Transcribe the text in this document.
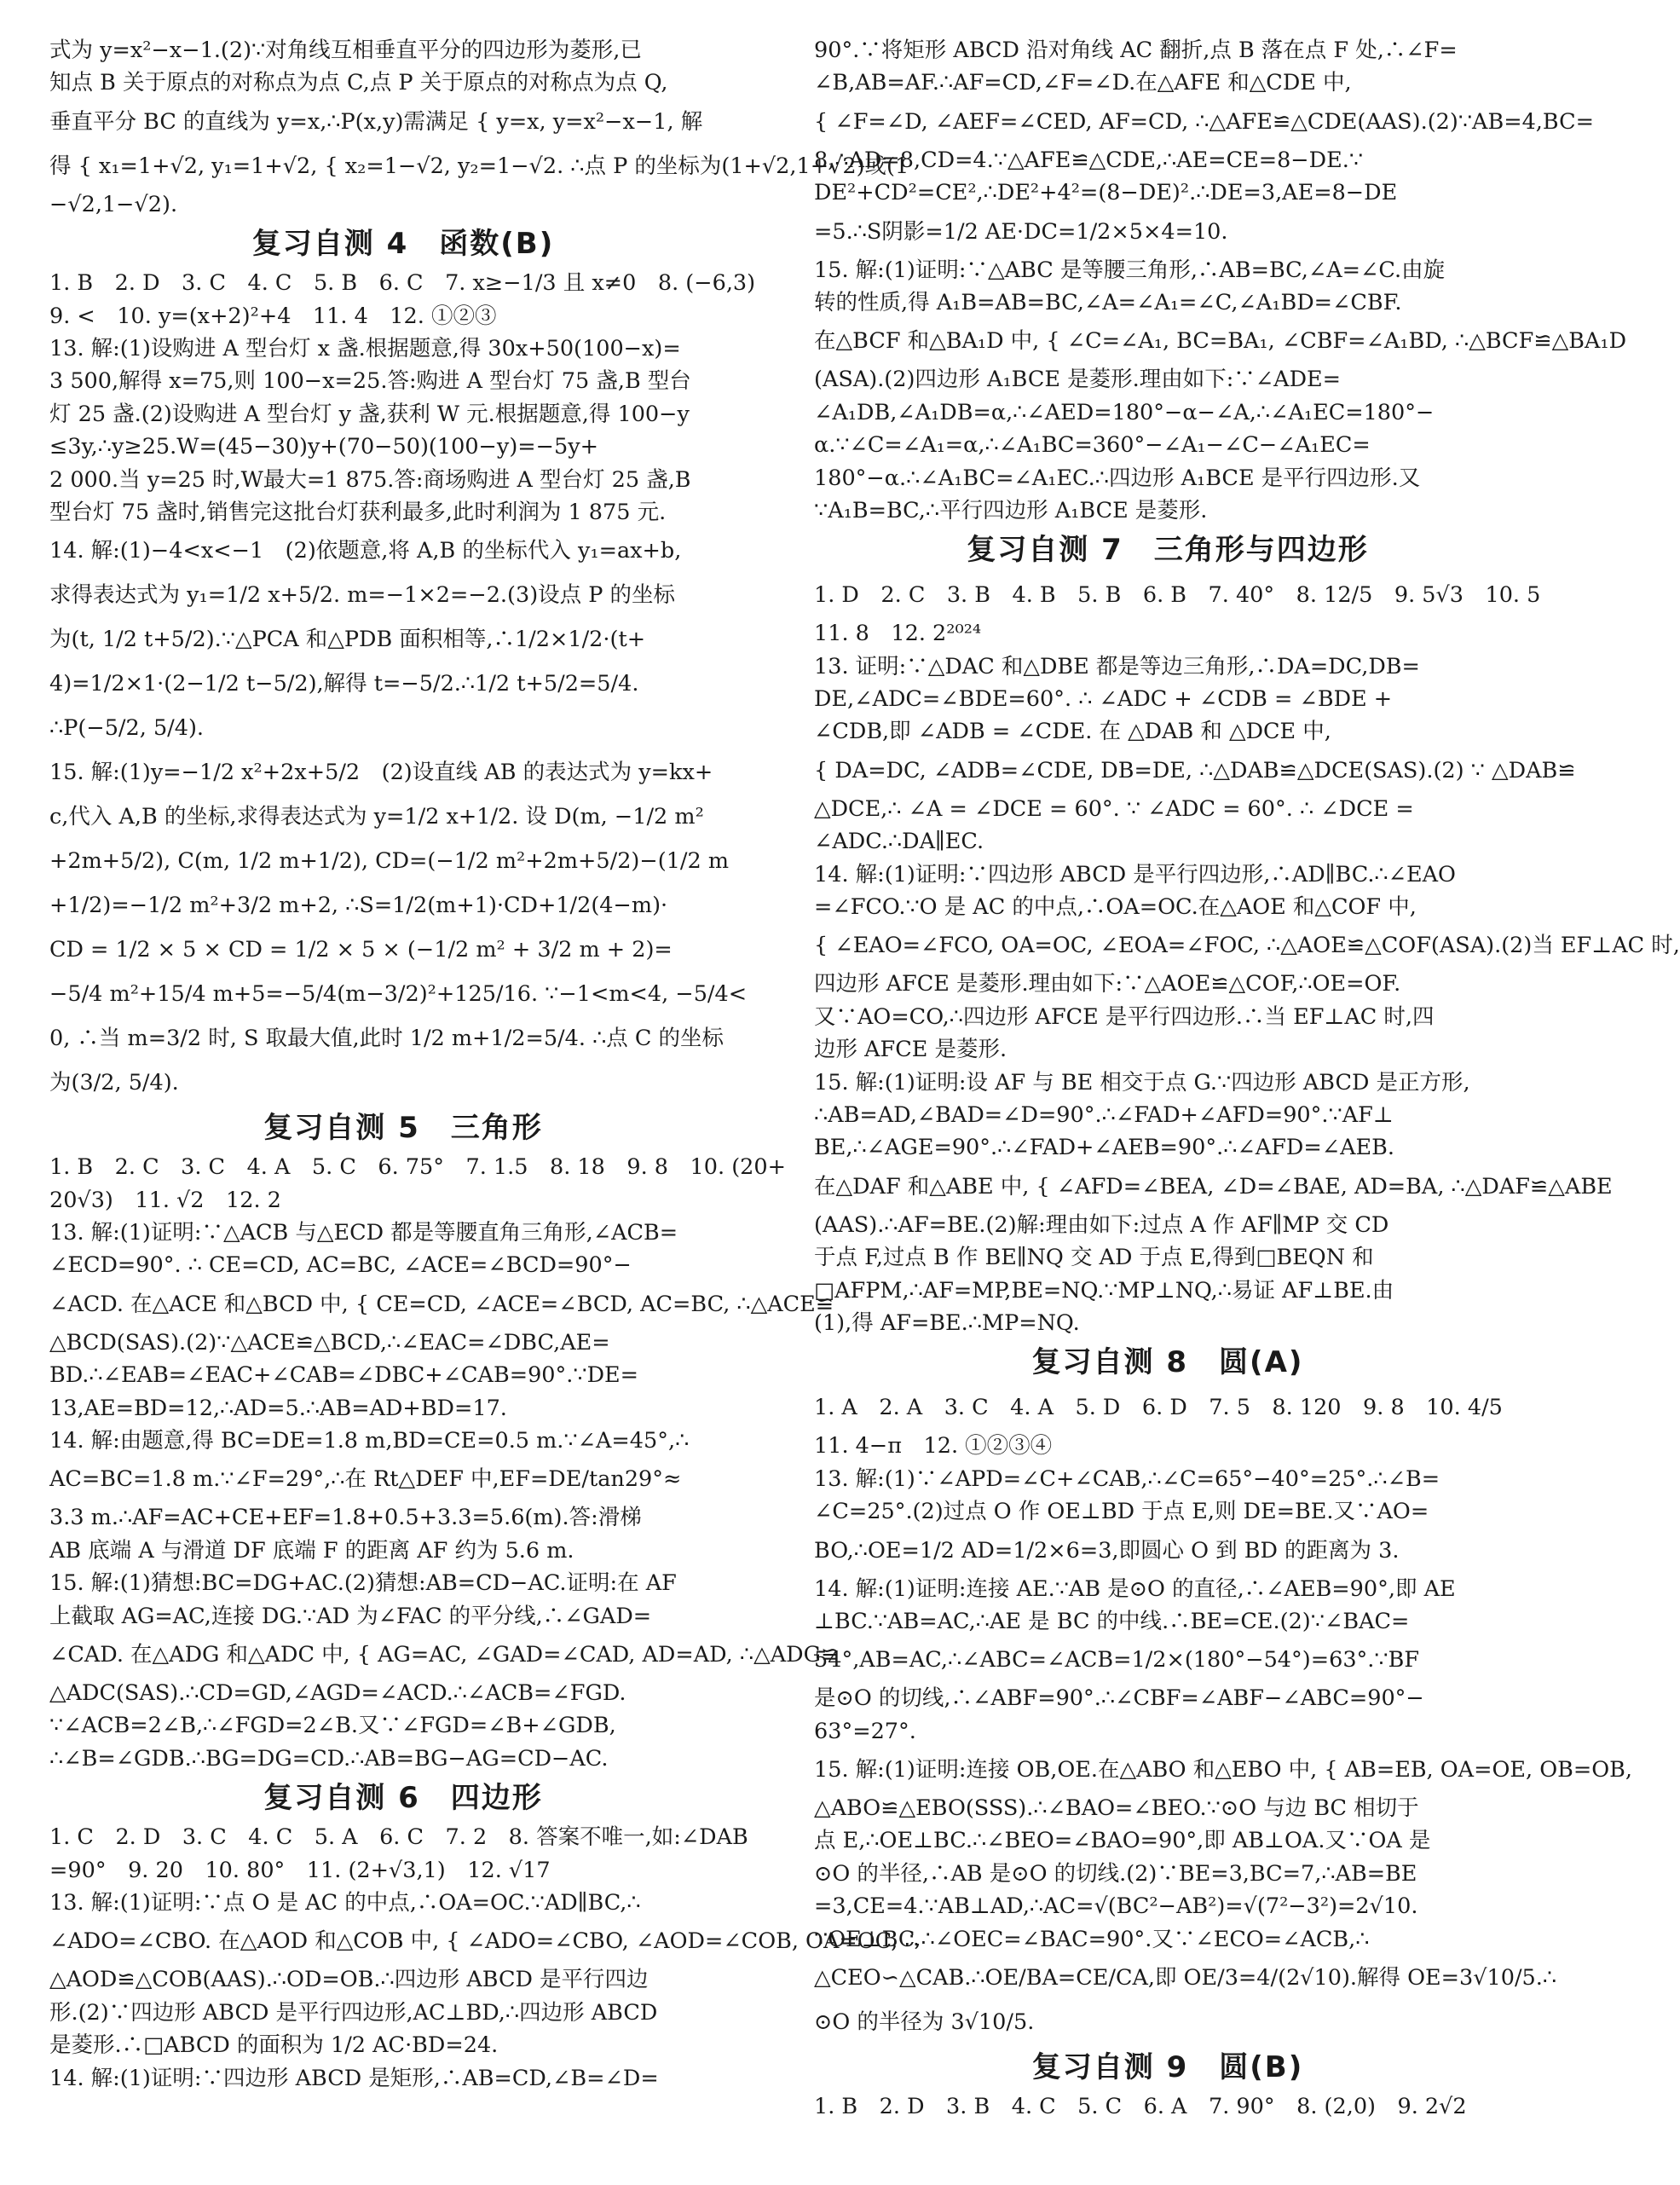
式为 y=x²−x−1.(2)∵对角线互相垂直平分的四边形为菱形,已
知点 B 关于原点的对称点为点 C,点 P 关于原点的对称点为点 Q,
垂直平分 BC 的直线为 y=x,∴P(x,y)需满足 { y=x, y=x²−x−1, 解
得 { x₁=1+√2, y₁=1+√2, { x₂=1−√2, y₂=1−√2. ∴点 P 的坐标为(1+√2,1+√2)或(1
−√2,1−√2).
复习自测 4　函数(B)
1. B　2. D　3. C　4. C　5. B　6. C　7. x≥−1/3 且 x≠0　8. (−6,3)
9. <　10. y=(x+2)²+4　11. 4　12. ①②③
13. 解:(1)设购进 A 型台灯 x 盏.根据题意,得 30x+50(100−x)=
3 500,解得 x=75,则 100−x=25.答:购进 A 型台灯 75 盏,B 型台
灯 25 盏.(2)设购进 A 型台灯 y 盏,获利 W 元.根据题意,得 100−y
≤3y,∴y≥25.W=(45−30)y+(70−50)(100−y)=−5y+
2 000.当 y=25 时,W最大=1 875.答:商场购进 A 型台灯 25 盏,B
型台灯 75 盏时,销售完这批台灯获利最多,此时利润为 1 875 元.
14. 解:(1)−4<x<−1　(2)依题意,将 A,B 的坐标代入 y₁=ax+b,
求得表达式为 y₁=1/2 x+5/2. m=−1×2=−2.(3)设点 P 的坐标
为(t, 1/2 t+5/2).∵△PCA 和△PDB 面积相等,∴1/2×1/2·(t+
4)=1/2×1·(2−1/2 t−5/2),解得 t=−5/2.∴1/2 t+5/2=5/4.
∴P(−5/2, 5/4).
15. 解:(1)y=−1/2 x²+2x+5/2　(2)设直线 AB 的表达式为 y=kx+
c,代入 A,B 的坐标,求得表达式为 y=1/2 x+1/2. 设 D(m, −1/2 m²
+2m+5/2), C(m, 1/2 m+1/2), CD=(−1/2 m²+2m+5/2)−(1/2 m
+1/2)=−1/2 m²+3/2 m+2, ∴S=1/2(m+1)·CD+1/2(4−m)·
CD = 1/2 × 5 × CD = 1/2 × 5 × (−1/2 m² + 3/2 m + 2)=
−5/4 m²+15/4 m+5=−5/4(m−3/2)²+125/16. ∵−1<m<4, −5/4<
0, ∴当 m=3/2 时, S 取最大值,此时 1/2 m+1/2=5/4. ∴点 C 的坐标
为(3/2, 5/4).
复习自测 5　三角形
1. B　2. C　3. C　4. A　5. C　6. 75°　7. 1.5　8. 18　9. 8　10. (20+
20√3)　11. √2　12. 2
13. 解:(1)证明:∵△ACB 与△ECD 都是等腰直角三角形,∠ACB=
∠ECD=90°. ∴ CE=CD, AC=BC, ∠ACE=∠BCD=90°−
∠ACD. 在△ACE 和△BCD 中, { CE=CD, ∠ACE=∠BCD, AC=BC, ∴△ACE≌
△BCD(SAS).(2)∵△ACE≌△BCD,∴∠EAC=∠DBC,AE=
BD.∴∠EAB=∠EAC+∠CAB=∠DBC+∠CAB=90°.∵DE=
13,AE=BD=12,∴AD=5.∴AB=AD+BD=17.
14. 解:由题意,得 BC=DE=1.8 m,BD=CE=0.5 m.∵∠A=45°,∴
AC=BC=1.8 m.∵∠F=29°,∴在 Rt△DEF 中,EF=DE/tan29°≈
3.3 m.∴AF=AC+CE+EF=1.8+0.5+3.3=5.6(m).答:滑梯
AB 底端 A 与滑道 DF 底端 F 的距离 AF 约为 5.6 m.
15. 解:(1)猜想:BC=DG+AC.(2)猜想:AB=CD−AC.证明:在 AF
上截取 AG=AC,连接 DG.∵AD 为∠FAC 的平分线,∴∠GAD=
∠CAD. 在△ADG 和△ADC 中, { AG=AC, ∠GAD=∠CAD, AD=AD, ∴△ADG≌
△ADC(SAS).∴CD=GD,∠AGD=∠ACD.∴∠ACB=∠FGD.
∵∠ACB=2∠B,∴∠FGD=2∠B.又∵∠FGD=∠B+∠GDB,
∴∠B=∠GDB.∴BG=DG=CD.∴AB=BG−AG=CD−AC.
复习自测 6　四边形
1. C　2. D　3. C　4. C　5. A　6. C　7. 2　8. 答案不唯一,如:∠DAB
=90°　9. 20　10. 80°　11. (2+√3,1)　12. √17
13. 解:(1)证明:∵点 O 是 AC 的中点,∴OA=OC.∵AD∥BC,∴
∠ADO=∠CBO. 在△AOD 和△COB 中, { ∠ADO=∠CBO, ∠AOD=∠COB, OA=OC, ∴
△AOD≌△COB(AAS).∴OD=OB.∴四边形 ABCD 是平行四边
形.(2)∵四边形 ABCD 是平行四边形,AC⊥BD,∴四边形 ABCD
是菱形.∴□ABCD 的面积为 1/2 AC·BD=24.
14. 解:(1)证明:∵四边形 ABCD 是矩形,∴AB=CD,∠B=∠D=
90°.∵将矩形 ABCD 沿对角线 AC 翻折,点 B 落在点 F 处,∴∠F=
∠B,AB=AF.∴AF=CD,∠F=∠D.在△AFE 和△CDE 中,
{ ∠F=∠D, ∠AEF=∠CED, AF=CD, ∴△AFE≌△CDE(AAS).(2)∵AB=4,BC=
8,∴AD=8,CD=4.∵△AFE≌△CDE,∴AE=CE=8−DE.∵
DE²+CD²=CE²,∴DE²+4²=(8−DE)².∴DE=3,AE=8−DE
=5.∴S阴影=1/2 AE·DC=1/2×5×4=10.
15. 解:(1)证明:∵△ABC 是等腰三角形,∴AB=BC,∠A=∠C.由旋
转的性质,得 A₁B=AB=BC,∠A=∠A₁=∠C,∠A₁BD=∠CBF.
在△BCF 和△BA₁D 中, { ∠C=∠A₁, BC=BA₁, ∠CBF=∠A₁BD, ∴△BCF≌△BA₁D
(ASA).(2)四边形 A₁BCE 是菱形.理由如下:∵∠ADE=
∠A₁DB,∠A₁DB=α,∴∠AED=180°−α−∠A,∴∠A₁EC=180°−
α.∵∠C=∠A₁=α,∴∠A₁BC=360°−∠A₁−∠C−∠A₁EC=
180°−α.∴∠A₁BC=∠A₁EC.∴四边形 A₁BCE 是平行四边形.又
∵A₁B=BC,∴平行四边形 A₁BCE 是菱形.
复习自测 7　三角形与四边形
1. D　2. C　3. B　4. B　5. B　6. B　7. 40°　8. 12/5　9. 5√3　10. 5
11. 8　12. 2²⁰²⁴
13. 证明:∵△DAC 和△DBE 都是等边三角形,∴DA=DC,DB=
DE,∠ADC=∠BDE=60°. ∴ ∠ADC + ∠CDB = ∠BDE +
∠CDB,即 ∠ADB = ∠CDE. 在 △DAB 和 △DCE 中,
{ DA=DC, ∠ADB=∠CDE, DB=DE, ∴△DAB≌△DCE(SAS).(2) ∵ △DAB≌
△DCE,∴ ∠A = ∠DCE = 60°. ∵ ∠ADC = 60°. ∴ ∠DCE =
∠ADC.∴DA∥EC.
14. 解:(1)证明:∵四边形 ABCD 是平行四边形,∴AD∥BC.∴∠EAO
=∠FCO.∵O 是 AC 的中点,∴OA=OC.在△AOE 和△COF 中,
{ ∠EAO=∠FCO, OA=OC, ∠EOA=∠FOC, ∴△AOE≌△COF(ASA).(2)当 EF⊥AC 时,
四边形 AFCE 是菱形.理由如下:∵△AOE≌△COF,∴OE=OF.
又∵AO=CO,∴四边形 AFCE 是平行四边形.∴当 EF⊥AC 时,四
边形 AFCE 是菱形.
15. 解:(1)证明:设 AF 与 BE 相交于点 G.∵四边形 ABCD 是正方形,
∴AB=AD,∠BAD=∠D=90°.∴∠FAD+∠AFD=90°.∵AF⊥
BE,∴∠AGE=90°.∴∠FAD+∠AEB=90°.∴∠AFD=∠AEB.
在△DAF 和△ABE 中, { ∠AFD=∠BEA, ∠D=∠BAE, AD=BA, ∴△DAF≌△ABE
(AAS).∴AF=BE.(2)解:理由如下:过点 A 作 AF∥MP 交 CD
于点 F,过点 B 作 BE∥NQ 交 AD 于点 E,得到□BEQN 和
□AFPM,∴AF=MP,BE=NQ.∵MP⊥NQ,∴易证 AF⊥BE.由
(1),得 AF=BE.∴MP=NQ.
复习自测 8　圆(A)
1. A　2. A　3. C　4. A　5. D　6. D　7. 5　8. 120　9. 8　10. 4/5
11. 4−π　12. ①②③④
13. 解:(1)∵∠APD=∠C+∠CAB,∴∠C=65°−40°=25°.∴∠B=
∠C=25°.(2)过点 O 作 OE⊥BD 于点 E,则 DE=BE.又∵AO=
BO,∴OE=1/2 AD=1/2×6=3,即圆心 O 到 BD 的距离为 3.
14. 解:(1)证明:连接 AE.∵AB 是⊙O 的直径,∴∠AEB=90°,即 AE
⊥BC.∵AB=AC,∴AE 是 BC 的中线.∴BE=CE.(2)∵∠BAC=
54°,AB=AC,∴∠ABC=∠ACB=1/2×(180°−54°)=63°.∵BF
是⊙O 的切线,∴∠ABF=90°.∴∠CBF=∠ABF−∠ABC=90°−
63°=27°.
15. 解:(1)证明:连接 OB,OE.在△ABO 和△EBO 中, { AB=EB, OA=OE, OB=OB,
△ABO≌△EBO(SSS).∴∠BAO=∠BEO.∵⊙O 与边 BC 相切于
点 E,∴OE⊥BC.∴∠BEO=∠BAO=90°,即 AB⊥OA.又∵OA 是
⊙O 的半径,∴AB 是⊙O 的切线.(2)∵BE=3,BC=7,∴AB=BE
=3,CE=4.∵AB⊥AD,∴AC=√(BC²−AB²)=√(7²−3²)=2√10.
∵OE⊥BC,∴∠OEC=∠BAC=90°.又∵∠ECO=∠ACB,∴
△CEO∽△CAB.∴OE/BA=CE/CA,即 OE/3=4/(2√10).解得 OE=3√10/5.∴
⊙O 的半径为 3√10/5.
复习自测 9　圆(B)
1. B　2. D　3. B　4. C　5. C　6. A　7. 90°　8. (2,0)　9. 2√2
